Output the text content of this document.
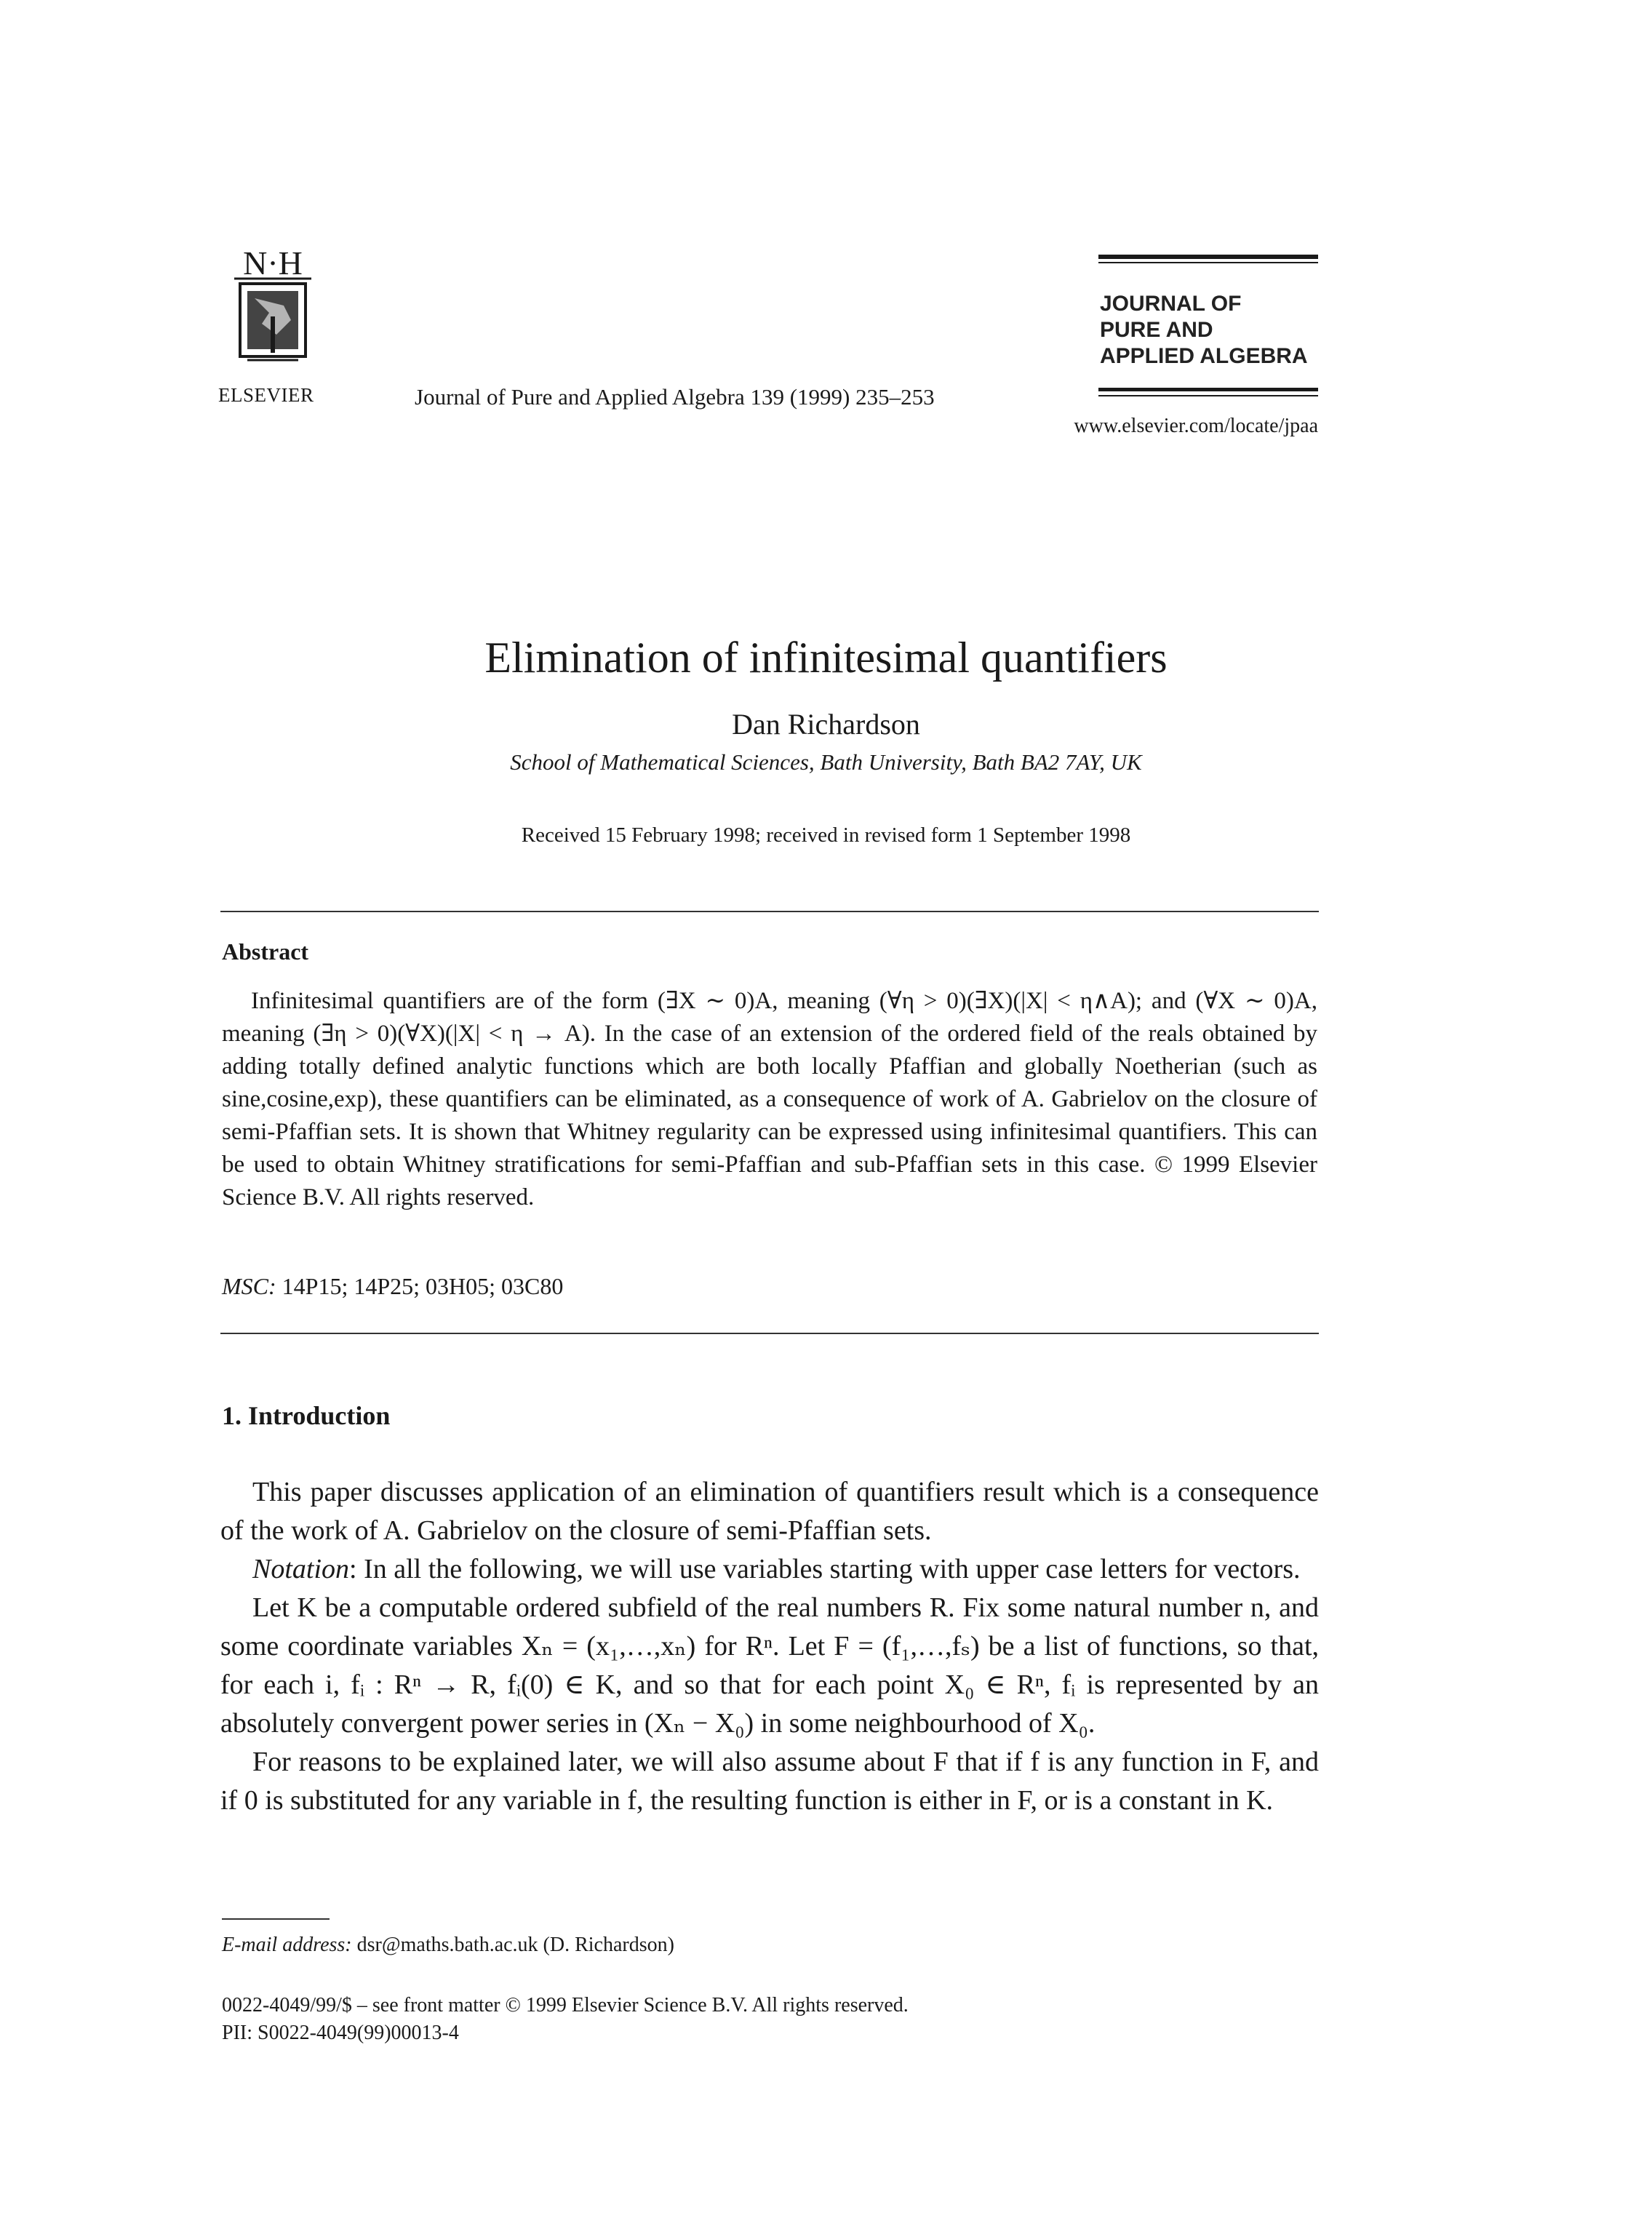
N·H
ELSEVIER	Journal of Pure and Applied Algebra 139 (1999) 235–253
JOURNAL OF
PURE AND
APPLIED ALGEBRA
www.elsevier.com/locate/jpaa
Elimination of infinitesimal quantifiers
Dan Richardson
School of Mathematical Sciences, Bath University, Bath BA2 7AY, UK
Received 15 February 1998; received in revised form 1 September 1998
Abstract
Infinitesimal quantifiers are of the form (∃X ∼ 0)A, meaning (∀η > 0)(∃X)(|X| < η∧A); and (∀X ∼ 0)A, meaning (∃η > 0)(∀X)(|X| < η → A). In the case of an extension of the ordered field of the reals obtained by adding totally defined analytic functions which are both locally Pfaffian and globally Noetherian (such as sine,cosine,exp), these quantifiers can be eliminated, as a consequence of work of A. Gabrielov on the closure of semi-Pfaffian sets. It is shown that Whitney regularity can be expressed using infinitesimal quantifiers. This can be used to obtain Whitney stratifications for semi-Pfaffian and sub-Pfaffian sets in this case. © 1999 Elsevier Science B.V. All rights reserved.
MSC: 14P15; 14P25; 03H05; 03C80
1. Introduction

This paper discusses application of an elimination of quantifiers result which is a consequence of the work of A. Gabrielov on the closure of semi-Pfaffian sets.

Notation: In all the following, we will use variables starting with upper case letters for vectors.

Let K be a computable ordered subfield of the real numbers R. Fix some natural number n, and some coordinate variables Xₙ = (x₁,…,xₙ) for Rⁿ. Let F = (f₁,…,fₛ) be a list of functions, so that, for each i, fᵢ : Rⁿ → R, fᵢ(0) ∈ K, and so that for each point X₀ ∈ Rⁿ, fᵢ is represented by an absolutely convergent power series in (Xₙ − X₀) in some neighbourhood of X₀.

For reasons to be explained later, we will also assume about F that if f is any function in F, and if 0 is substituted for any variable in f, the resulting function is either in F, or is a constant in K.

E-mail address: dsr@maths.bath.ac.uk (D. Richardson)
0022-4049/99/$ – see front matter © 1999 Elsevier Science B.V. All rights reserved.
PII: S0022-4049(99)00013-4
